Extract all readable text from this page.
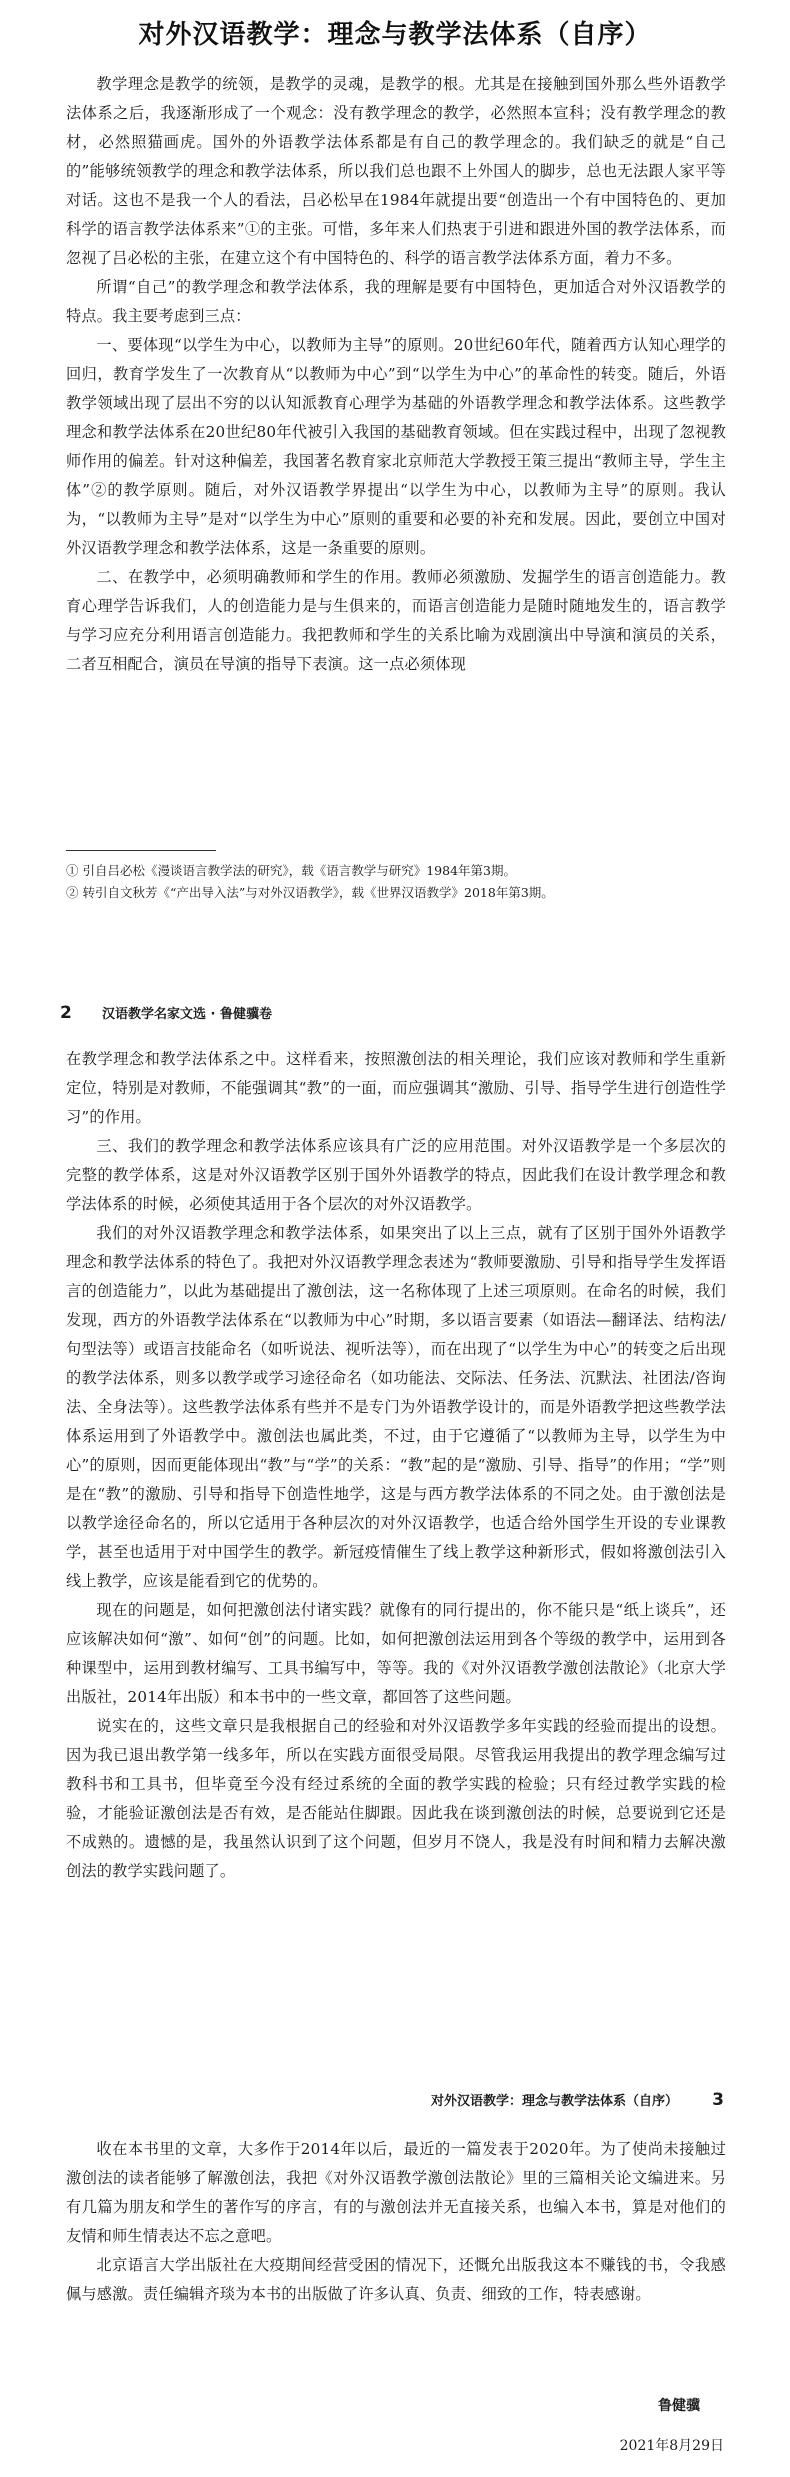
对外汉语教学：理念与教学法体系（自序）

教学理念是教学的统领，是教学的灵魂，是教学的根。尤其是在接触到国外那么些外语教学法体系之后，我逐渐形成了一个观念：没有教学理念的教学，必然照本宣科；没有教学理念的教材，必然照猫画虎。国外的外语教学法体系都是有自己的教学理念的。我们缺乏的就是“自己的”能够统领教学的理念和教学法体系，所以我们总也跟不上外国人的脚步，总也无法跟人家平等对话。这也不是我一个人的看法，吕必松早在1984年就提出要“创造出一个有中国特色的、更加科学的语言教学法体系来”①的主张。可惜，多年来人们热衷于引进和跟进外国的教学法体系，而忽视了吕必松的主张，在建立这个有中国特色的、科学的语言教学法体系方面，着力不多。

所谓“自己”的教学理念和教学法体系，我的理解是要有中国特色，更加适合对外汉语教学的特点。我主要考虑到三点：

一、要体现“以学生为中心，以教师为主导”的原则。20世纪60年代，随着西方认知心理学的回归，教育学发生了一次教育从“以教师为中心”到“以学生为中心”的革命性的转变。随后，外语教学领域出现了层出不穷的以认知派教育心理学为基础的外语教学理念和教学法体系。这些教学理念和教学法体系在20世纪80年代被引入我国的基础教育领域。但在实践过程中，出现了忽视教师作用的偏差。针对这种偏差，我国著名教育家北京师范大学教授王策三提出“教师主导，学生主体”②的教学原则。随后，对外汉语教学界提出“以学生为中心，以教师为主导”的原则。我认为，“以教师为主导”是对“以学生为中心”原则的重要和必要的补充和发展。因此，要创立中国对外汉语教学理念和教学法体系，这是一条重要的原则。

二、在教学中，必须明确教师和学生的作用。教师必须激励、发掘学生的语言创造能力。教育心理学告诉我们，人的创造能力是与生俱来的，而语言创造能力是随时随地发生的，语言教学与学习应充分利用语言创造能力。我把教师和学生的关系比喻为戏剧演出中导演和演员的关系，二者互相配合，演员在导演的指导下表演。这一点必须体现

① 引自吕必松《漫谈语言教学法的研究》，载《语言教学与研究》1984年第3期。
② 转引自文秋芳《“产出导入法”与对外汉语教学》，载《世界汉语教学》2018年第3期。
2 汉语教学名家文选 · 鲁健骥卷

在教学理念和教学法体系之中。这样看来，按照激创法的相关理论，我们应该对教师和学生重新定位，特别是对教师，不能强调其“教”的一面，而应强调其“激励、引导、指导学生进行创造性学习”的作用。

三、我们的教学理念和教学法体系应该具有广泛的应用范围。对外汉语教学是一个多层次的完整的教学体系，这是对外汉语教学区别于国外外语教学的特点，因此我们在设计教学理念和教学法体系的时候，必须使其适用于各个层次的对外汉语教学。

我们的对外汉语教学理念和教学法体系，如果突出了以上三点，就有了区别于国外外语教学理念和教学法体系的特色了。我把对外汉语教学理念表述为“教师要激励、引导和指导学生发挥语言的创造能力”，以此为基础提出了激创法，这一名称体现了上述三项原则。在命名的时候，我们发现，西方的外语教学法体系在“以教师为中心”时期，多以语言要素（如语法—翻译法、结构法/句型法等）或语言技能命名（如听说法、视听法等），而在出现了“以学生为中心”的转变之后出现的教学法体系，则多以教学或学习途径命名（如功能法、交际法、任务法、沉默法、社团法/咨询法、全身法等）。这些教学法体系有些并不是专门为外语教学设计的，而是外语教学把这些教学法体系运用到了外语教学中。激创法也属此类，不过，由于它遵循了“以教师为主导，以学生为中心”的原则，因而更能体现出“教”与“学”的关系：“教”起的是“激励、引导、指导”的作用；“学”则是在“教”的激励、引导和指导下创造性地学，这是与西方教学法体系的不同之处。由于激创法是以教学途径命名的，所以它适用于各种层次的对外汉语教学，也适合给外国学生开设的专业课教学，甚至也适用于对中国学生的教学。新冠疫情催生了线上教学这种新形式，假如将激创法引入线上教学，应该是能看到它的优势的。

现在的问题是，如何把激创法付诸实践？就像有的同行提出的，你不能只是“纸上谈兵”，还应该解决如何“激”、如何“创”的问题。比如，如何把激创法运用到各个等级的教学中，运用到各种课型中，运用到教材编写、工具书编写中，等等。我的《对外汉语教学激创法散论》（北京大学出版社，2014年出版）和本书中的一些文章，都回答了这些问题。

说实在的，这些文章只是我根据自己的经验和对外汉语教学多年实践的经验而提出的设想。因为我已退出教学第一线多年，所以在实践方面很受局限。尽管我运用我提出的教学理念编写过教科书和工具书，但毕竟至今没有经过系统的全面的教学实践的检验；只有经过教学实践的检验，才能验证激创法是否有效，是否能站住脚跟。因此我在谈到激创法的时候，总要说到它还是不成熟的。遗憾的是，我虽然认识到了这个问题，但岁月不饶人，我是没有时间和精力去解决激创法的教学实践问题了。

对外汉语教学：理念与教学法体系（自序） 3

收在本书里的文章，大多作于2014年以后，最近的一篇发表于2020年。为了使尚未接触过激创法的读者能够了解激创法，我把《对外汉语教学激创法散论》里的三篇相关论文编进来。另有几篇为朋友和学生的著作写的序言，有的与激创法并无直接关系，也编入本书，算是对他们的友情和师生情表达不忘之意吧。

北京语言大学出版社在大疫期间经营受困的情况下，还慨允出版我这本不赚钱的书，令我感佩与感激。责任编辑齐琰为本书的出版做了许多认真、负责、细致的工作，特表感谢。

鲁健骥
2021年8月29日
